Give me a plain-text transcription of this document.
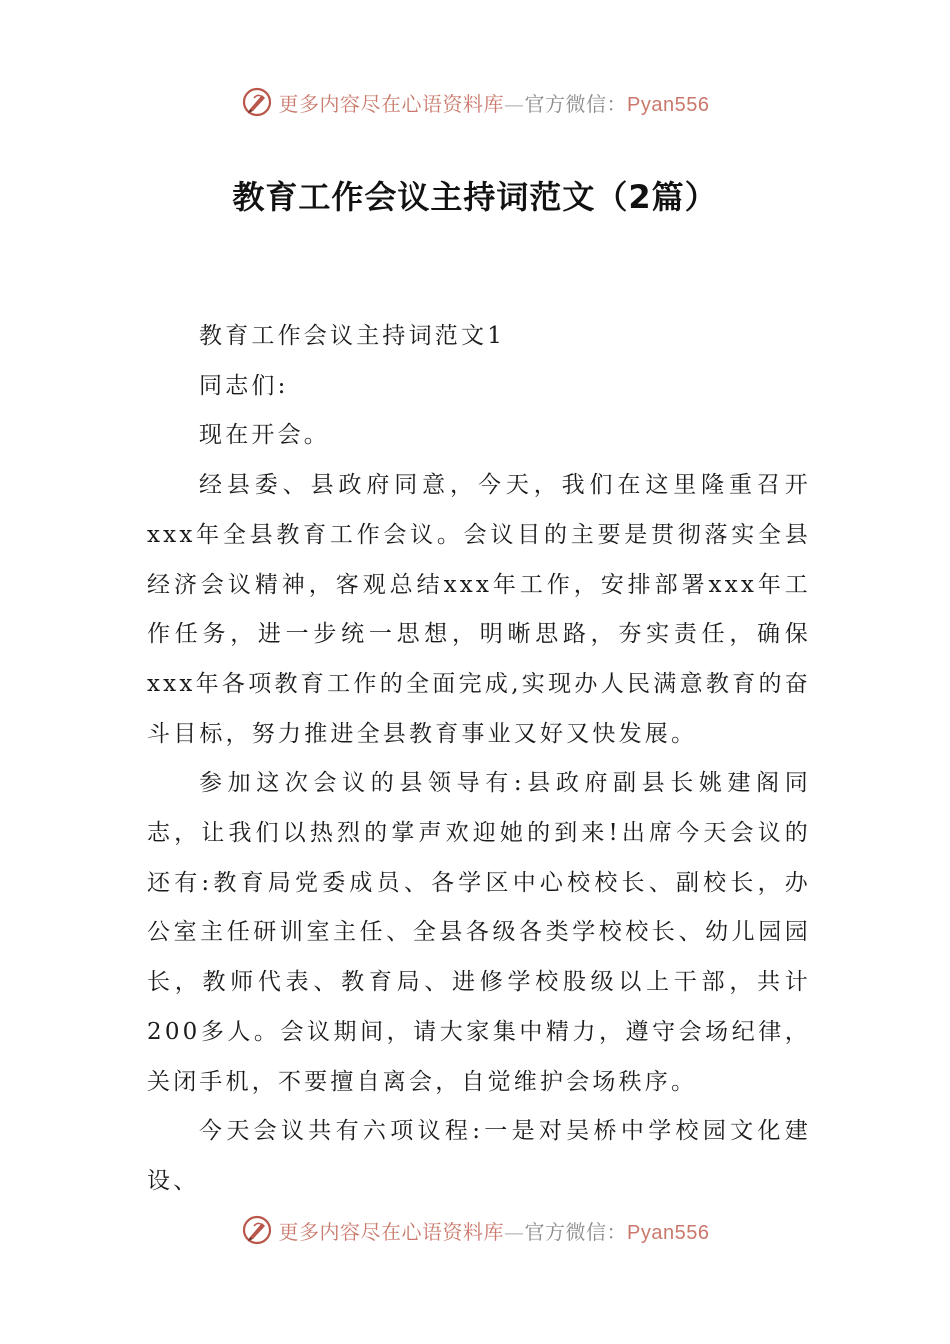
更多内容尽在心语资料库—官方微信：Pyan556
教育工作会议主持词范文（2篇）

教育工作会议主持词范文1

同志们:

现在开会。

经县委、县政府同意，今天，我们在这里隆重召开xxx年全县教育工作会议。会议目的主要是贯彻落实全县经济会议精神，客观总结xxx年工作，安排部署xxx年工作任务，进一步统一思想，明晰思路，夯实责任，确保xxx年各项教育工作的全面完成,实现办人民满意教育的奋斗目标，努力推进全县教育事业又好又快发展。

参加这次会议的县领导有:县政府副县长姚建阁同志，让我们以热烈的掌声欢迎她的到来!出席今天会议的还有:教育局党委成员、各学区中心校校长、副校长，办公室主任研训室主任、全县各级各类学校校长、幼儿园园长，教师代表、教育局、进修学校股级以上干部，共计200多人。会议期间，请大家集中精力，遵守会场纪律，关闭手机，不要擅自离会，自觉维护会场秩序。

今天会议共有六项议程:一是对吴桥中学校园文化建设、

更多内容尽在心语资料库—官方微信：Pyan556
